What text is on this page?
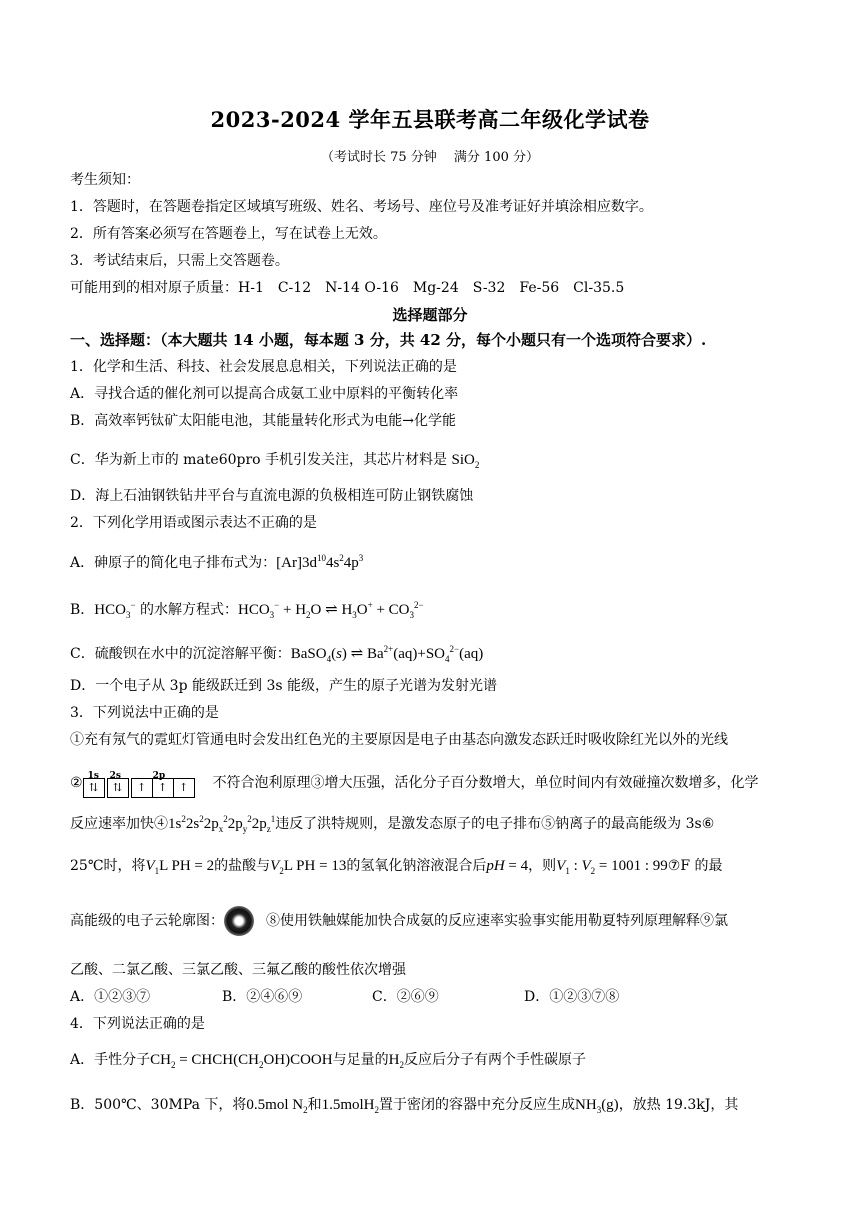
2023-2024 学年五县联考高二年级化学试卷
（考试时长 75 分钟　 满分 100 分）
考生须知：
1．答题时，在答题卷指定区域填写班级、姓名、考场号、座位号及准考证好并填涂相应数字。
2．所有答案必须写在答题卷上，写在试卷上无效。
3．考试结束后，只需上交答题卷。
可能用到的相对原子质量：H-1　C-12　N-14 O-16　Mg-24　S-32　Fe-56　Cl-35.5
选择题部分
一、选择题：（本大题共 14 小题，每本题 3 分，共 42 分，每个小题只有一个选项符合要求）.
1．化学和生活、科技、社会发展息息相关，下列说法正确的是
A．寻找合适的催化剂可以提高合成氨工业中原料的平衡转化率
B．高效率钙钛矿太阳能电池，其能量转化形式为电能→化学能
C．华为新上市的 mate60pro 手机引发关注，其芯片材料是 SiO$_2$
D．海上石油钢铁钻井平台与直流电源的负极相连可防止钢铁腐蚀
2．下列化学用语或图示表达不正确的是
A．砷原子的简化电子排布式为：$[Ar]3d^{10}4s^24p^3$
B．$HCO_3^-$ 的水解方程式：$HCO_3^- + H_2O$ ⇌ $H_3O^+ + CO_3^{2-}$
C．硫酸钡在水中的沉淀溶解平衡：BaSO$_4$(s) ⇌ $Ba^{2+}(aq)+SO_4^{2-}(aq)$
D．一个电子从 3p 能级跃迁到 3s 能级，产生的原子光谱为发射光谱
3．下列说法中正确的是
①充有氖气的霓虹灯管通电时会发出红色光的主要原因是电子由基态向激发态跃迁时吸收除红光以外的光线
② 1s 2s	2p
⇅ ⇅ ↑ ↑ ↑	不符合泡利原理③增大压强，活化分子百分数增大，单位时间内有效碰撞次数增多，化学
反应速率加快$④1s^22s^22p_x^22p_y^22p_z^1$违反了洪特规则，是激发态原子的电子排布⑤钠离子的最高能级为 3s⑥
25℃时，将$V_1L$ PH = 2的盐酸与$V_2L$ PH = 13的氢氧化钠溶液混合后pH = 4，则$V_1$ : $V_2 = 1001$ : 99⑦F 的最
高能级的电子云轮廓图：	⑧使用铁触媒能加快合成氨的反应速率实验事实能用勒夏特列原理解释⑨氯
乙酸、二氯乙酸、三氯乙酸、三氟乙酸的酸性依次增强
A．①②③⑦	B．②④⑥⑨	C．②⑥⑨	D．①②③⑦⑧
4．下列说法正确的是
A．手性分子$CH_2$ = $CHCH(CH_2OH)COOH$与足量的$H_2$反应后分子有两个手性碳原子
B．500℃、30MPa 下，将0.5mol $N_2$和1.5molH$_2$置于密闭的容器中充分反应生成$NH_3(g)$，放热 19.3kJ，其
